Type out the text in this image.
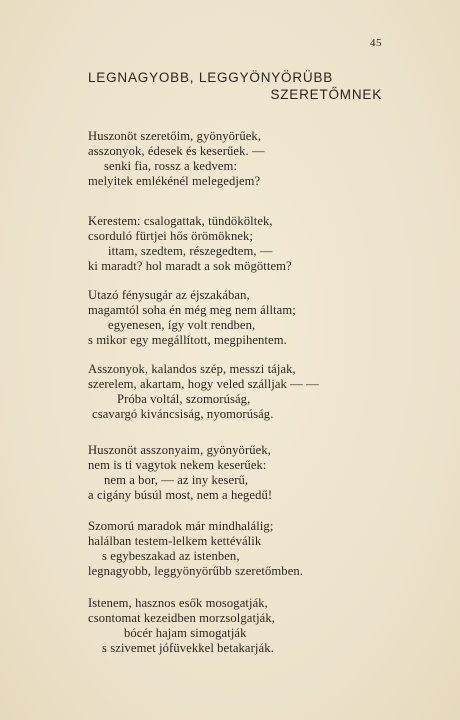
45
LEGNAGYOBB, LEGGYÖNYÖRÜBB
SZERETŐMNEK
Huszonöt szeretőim, gyönyörűek,
asszonyok, édesek és keserűek. —
senki fia, rossz a kedvem:
melyitek emlékénél melegedjem?
Kerestem: csalogattak, tündököltek,
csorduló fürtjei hős örömöknek;
ittam, szedtem, részegedtem, —
ki maradt? hol maradt a sok mögöttem?
Utazó fénysugár az éjszakában,
magamtól soha én még meg nem álltam;
egyenesen, így volt rendben,
s mikor egy megállított, megpihentem.
Asszonyok, kalandos szép, messzi tájak,
szerelem, akartam, hogy veled szálljak — —
Próba voltál, szomorúság,
csavargó kiváncsiság, nyomorúság.
Huszonöt asszonyaim, gyönyörűek,
nem is ti vagytok nekem keserűek:
nem a bor, — az iny keserű,
a cigány búsúl most, nem a hegedű!
Szomorú maradok már mindhalálig;
halálban testem-lelkem kettéválik
s egybeszakad az istenben,
legnagyobb, leggyönyörűbb szeretőmben.
Istenem, hasznos esők mosogatják,
csontomat kezeidben morzsolgatják,
bócér hajam simogatják
s szivemet jófüvekkel betakarják.
